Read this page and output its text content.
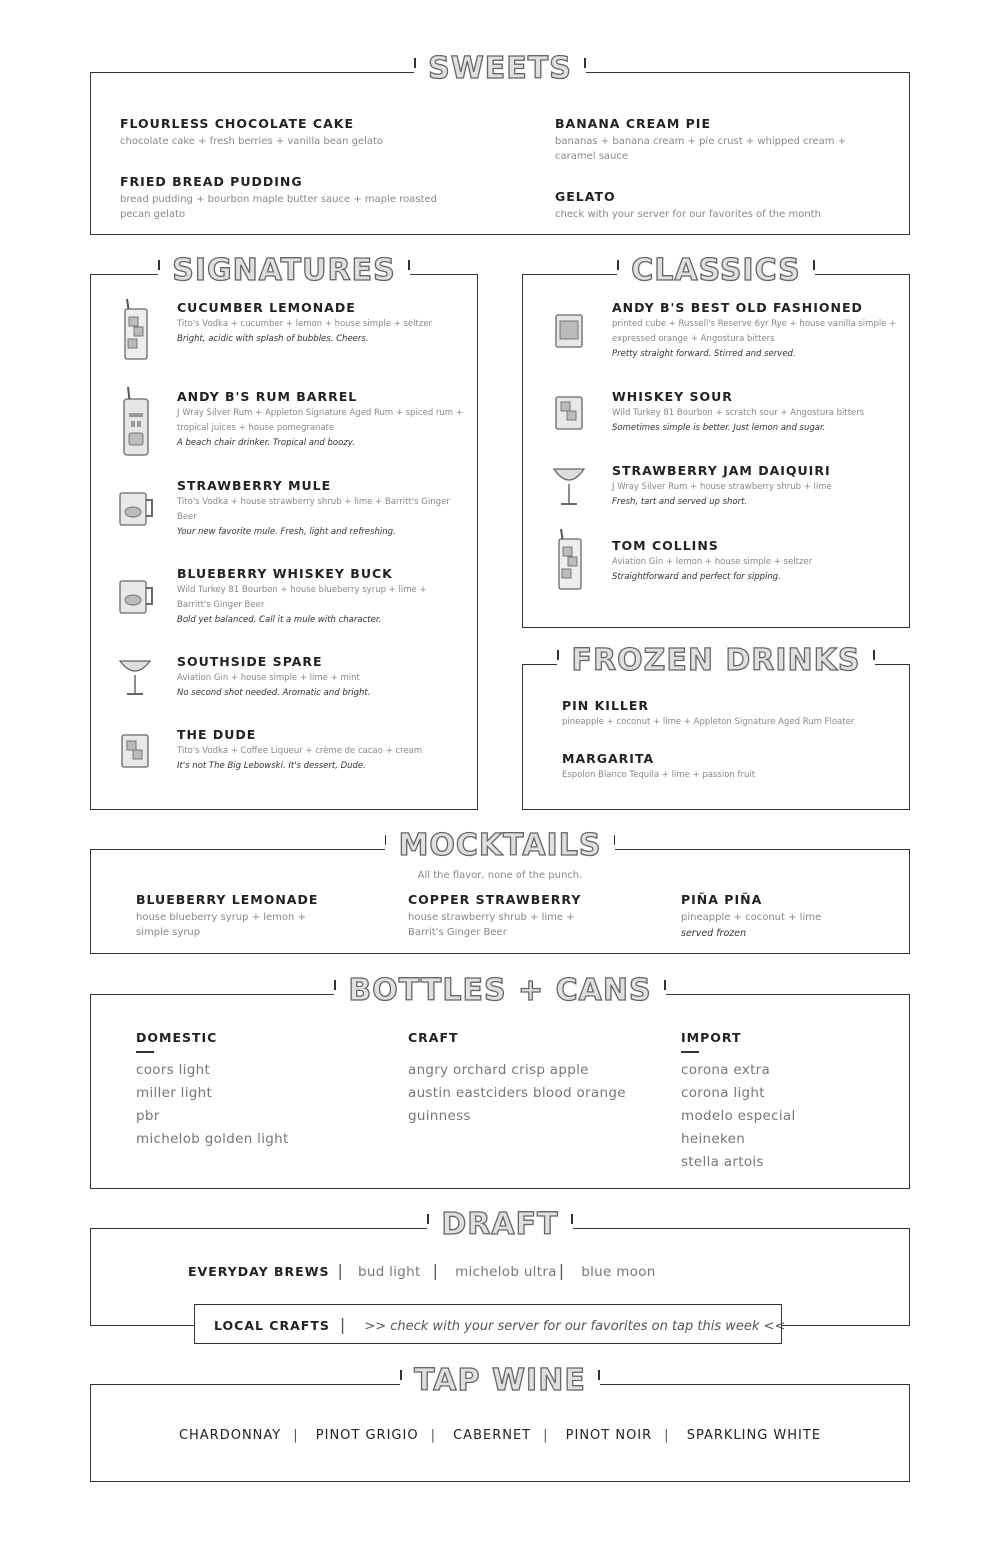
SWEETS
FLOURLESS CHOCOLATE CAKE
chocolate cake + fresh berries + vanilla bean gelato
BANANA CREAM PIE
bananas + banana cream + pie crust + whipped cream + caramel sauce
FRIED BREAD PUDDING
bread pudding + bourbon maple butter sauce + maple roasted pecan gelato
GELATO
check with your server for our favorites of the month
SIGNATURES
CUCUMBER LEMONADE
Tito's Vodka + cucumber + lemon + house simple + seltzer
Bright, acidic with splash of bubbles. Cheers.
ANDY B'S RUM BARREL
J Wray Silver Rum + Appleton Signature Aged Rum + spiced rum + tropical juices + house pomegranate
A beach chair drinker. Tropical and boozy.
STRAWBERRY MULE
Tito's Vodka + house strawberry shrub + lime + Barritt's Ginger Beer
Your new favorite mule. Fresh, light and refreshing.
BLUEBERRY WHISKEY BUCK
Wild Turkey 81 Bourbon + house blueberry syrup + lime + Barritt's Ginger Beer
Bold yet balanced. Call it a mule with character.
SOUTHSIDE SPARE
Aviation Gin + house simple + lime + mint
No second shot needed. Aromatic and bright.
THE DUDE
Tito's Vodka + Coffee Liqueur + crème de cacao + cream
It's not The Big Lebowski. It's dessert, Dude.
CLASSICS
ANDY B'S BEST OLD FASHIONED
printed cube + Russell's Reserve 6yr Rye + house vanilla simple + expressed orange + Angostura bitters
Pretty straight forward. Stirred and served.
WHISKEY SOUR
Wild Turkey 81 Bourbon + scratch sour + Angostura bitters
Sometimes simple is better. Just lemon and sugar.
STRAWBERRY JAM DAIQUIRI
J Wray Silver Rum + house strawberry shrub + lime
Fresh, tart and served up short.
TOM COLLINS
Aviation Gin + lemon + house simple + seltzer
Straightforward and perfect for sipping.
FROZEN DRINKS
PIN KILLER
pineapple + coconut + lime + Appleton Signature Aged Rum Floater
MARGARITA
Espolon Blanco Tequila + lime + passion fruit
MOCKTAILS
All the flavor, none of the punch.
BLUEBERRY LEMONADE
house blueberry syrup + lemon + simple syrup
COPPER STRAWBERRY
house strawberry shrub + lime + Barrit's Ginger Beer
PIÑA PIÑA
pineapple + coconut + lime
served frozen
BOTTLES + CANS
DOMESTIC
coors light
miller light
pbr
michelob golden light
CRAFT
angry orchard crisp apple
austin eastciders blood orange
guinness
IMPORT
corona extra
corona light
modelo especial
heineken
stella artois
DRAFT
EVERYDAY BREWS | bud light | michelob ultra | blue moon
LOCAL CRAFTS | >> check with your server for our favorites on tap this week <<
TAP WINE
CHARDONNAY | PINOT GRIGIO | CABERNET | PINOT NOIR | SPARKLING WHITE
